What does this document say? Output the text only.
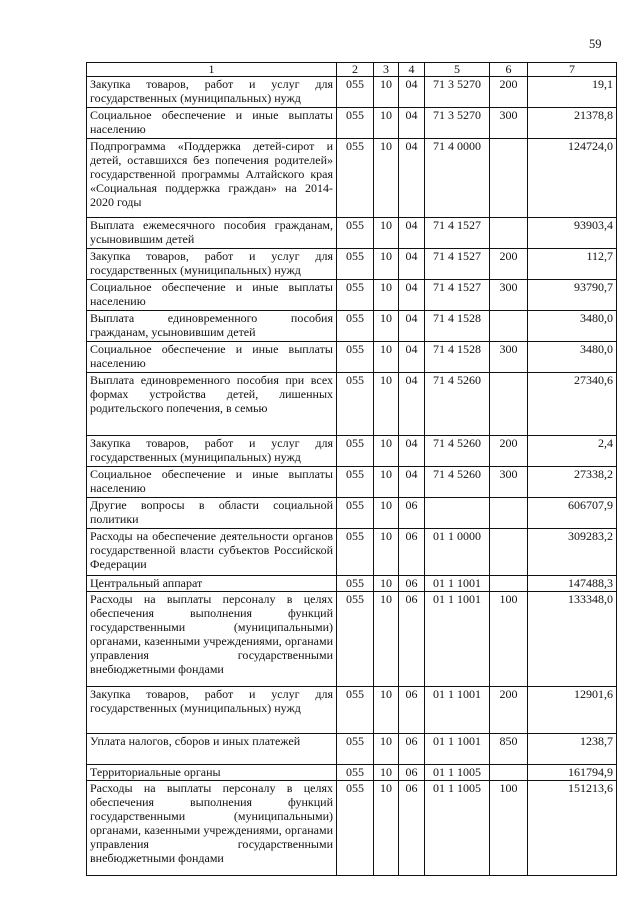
59
1	2	3	4	5	6	7
Закупка товаров, работ и услуг для государственных (муниципальных) нужд	055	10	04	71 3 5270	200	19,1
Социальное обеспечение и иные выплаты населению	055	10	04	71 3 5270	300	21378,8
Подпрограмма «Поддержка детей-сирот и детей, оставшихся без попечения родителей» государственной программы Алтайского края «Социальная поддержка граждан» на 2014-2020 годы	055	10	04	71 4 0000		124724,0
Выплата ежемесячного пособия гражданам, усыновившим детей	055	10	04	71 4 1527		93903,4
Закупка товаров, работ и услуг для государственных (муниципальных) нужд	055	10	04	71 4 1527	200	112,7
Социальное обеспечение и иные выплаты населению	055	10	04	71 4 1527	300	93790,7
Выплата единовременного пособия гражданам, усыновившим детей	055	10	04	71 4 1528		3480,0
Социальное обеспечение и иные выплаты населению	055	10	04	71 4 1528	300	3480,0
Выплата единовременного пособия при всех формах устройства детей, лишенных родительского попечения, в семью	055	10	04	71 4 5260		27340,6
Закупка товаров, работ и услуг для государственных (муниципальных) нужд	055	10	04	71 4 5260	200	2,4
Социальное обеспечение и иные выплаты населению	055	10	04	71 4 5260	300	27338,2
Другие вопросы в области социальной политики	055	10	06			606707,9
Расходы на обеспечение деятельности органов государственной власти субъектов Российской Федерации	055	10	06	01 1 0000		309283,2
Центральный аппарат	055	10	06	01 1 1001		147488,3
Расходы на выплаты персоналу в целях обеспечения выполнения функций государственными (муниципальными) органами, казенными учреждениями, органами управления государственными внебюджетными фондами	055	10	06	01 1 1001	100	133348,0
Закупка товаров, работ и услуг для государственных (муниципальных) нужд	055	10	06	01 1 1001	200	12901,6
Уплата налогов, сборов и иных платежей	055	10	06	01 1 1001	850	1238,7
Территориальные органы	055	10	06	01 1 1005		161794,9
Расходы на выплаты персоналу в целях обеспечения выполнения функций государственными (муниципальными) органами, казенными учреждениями, органами управления государственными внебюджетными фондами	055	10	06	01 1 1005	100	151213,6
